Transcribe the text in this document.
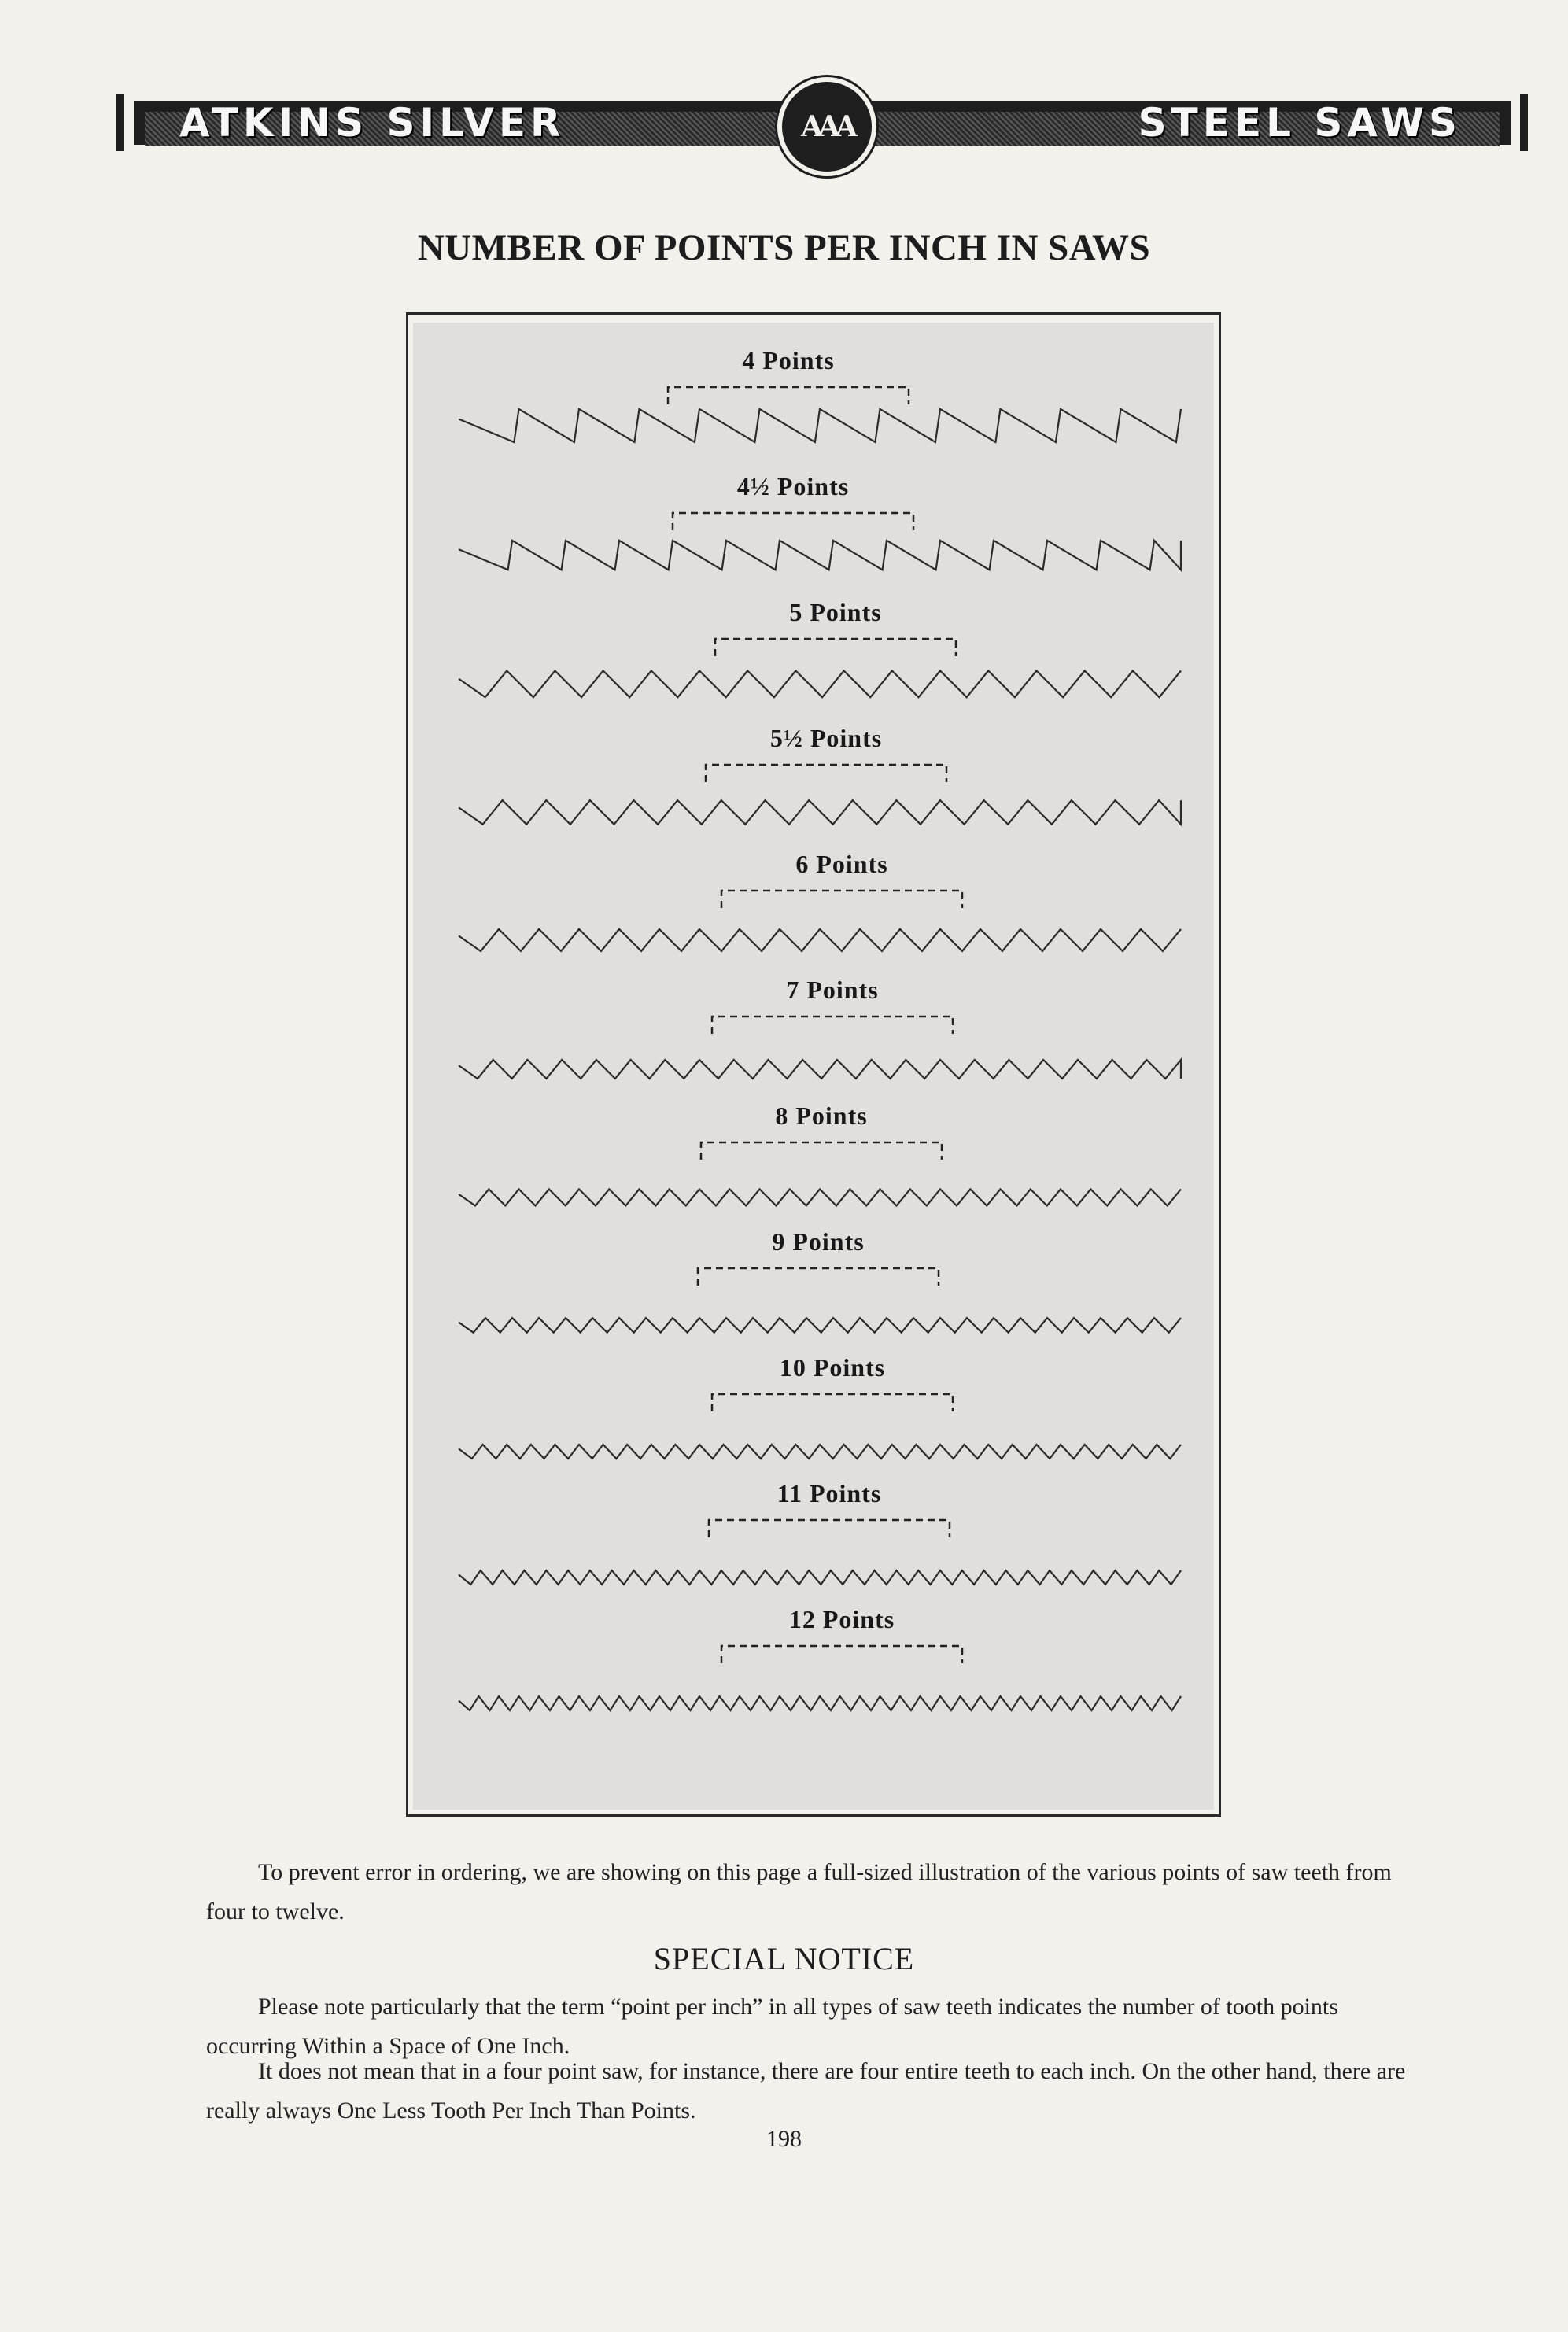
ATKINS SILVER	STEEL SAWS
AAA
NUMBER OF POINTS PER INCH IN SAWS
4 Points
4½ Points
5 Points
5½ Points
6 Points
7 Points
8 Points
9 Points
10 Points
11 Points
12 Points

To prevent error in ordering, we are showing on this page a full-sized illustration of the various points of saw teeth from four to twelve.

SPECIAL NOTICE

Please note particularly that the term “point per inch” in all types of saw teeth indicates the number of tooth points occurring Within a Space of One Inch.

It does not mean that in a four point saw, for instance, there are four entire teeth to each inch. On the other hand, there are really always One Less Tooth Per Inch Than Points.

198
